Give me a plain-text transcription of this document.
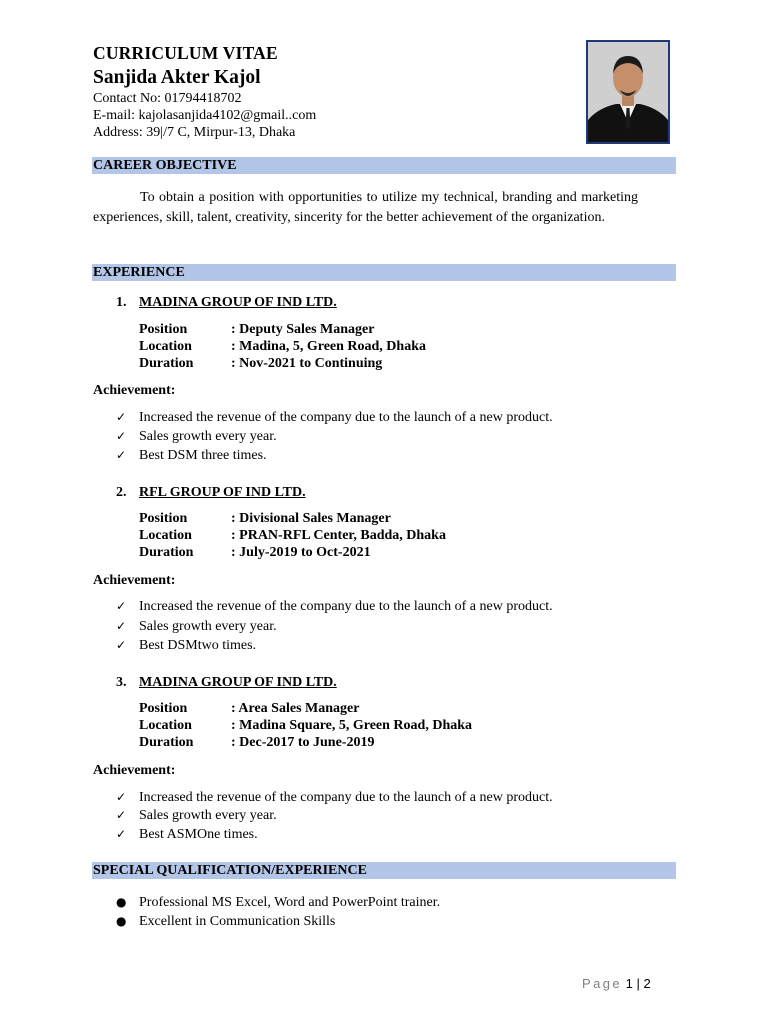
CURRICULUM VITAE
Sanjida Akter Kajol
Contact No: 01794418702
E-mail: kajolasanjida4102@gmail..com
Address: 39|/7 C, Mirpur-13, Dhaka
CAREER OBJECTIVE
To obtain a position with opportunities to utilize my technical, branding and marketing experiences, skill, talent, creativity, sincerity for the better achievement of the organization.
EXPERIENCE
1. MADINA GROUP OF IND LTD.
Position	: Deputy Sales Manager
Location	: Madina, 5, Green Road, Dhaka
Duration	: Nov-2021 to Continuing
Achievement:
✓ Increased the revenue of the company due to the launch of a new product.
✓ Sales growth every year.
✓ Best DSM three times.
2. RFL GROUP OF IND LTD.
Position	: Divisional Sales Manager
Location	: PRAN-RFL Center, Badda, Dhaka
Duration	: July-2019 to Oct-2021
Achievement:
✓ Increased the revenue of the company due to the launch of a new product.
✓ Sales growth every year.
✓ Best DSMtwo times.
3. MADINA GROUP OF IND LTD.
Position	: Area Sales Manager
Location	: Madina Square, 5, Green Road, Dhaka
Duration	: Dec-2017 to June-2019
Achievement:
✓ Increased the revenue of the company due to the launch of a new product.
✓ Sales growth every year.
✓ Best ASMOne times.
SPECIAL QUALIFICATION/EXPERIENCE
● Professional MS Excel, Word and PowerPoint trainer.
● Excellent in Communication Skills
Page 1 | 2
